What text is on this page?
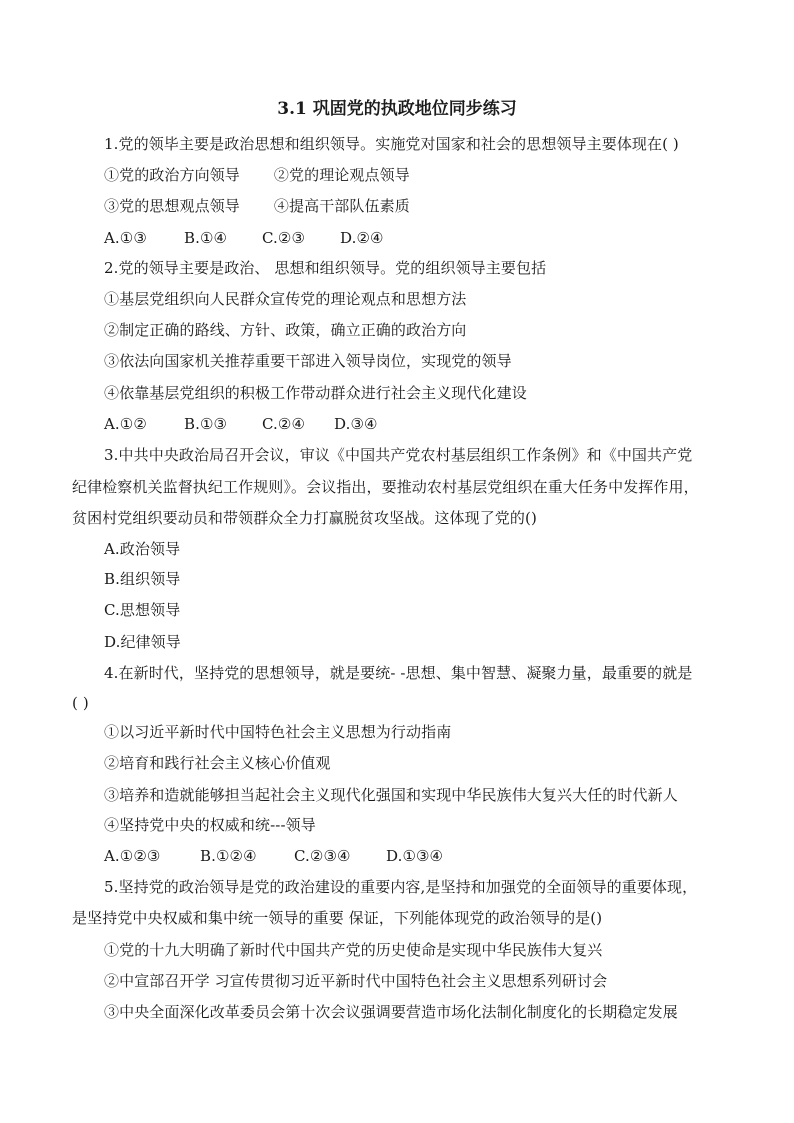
3.1 巩固党的执政地位同步练习
1.党的领毕主要是政治思想和组织领导。实施党对国家和社会的思想领导主要体现在( )
①党的政治方向领导 ②党的理论观点领导
③党的思想观点领导 ④提高干部队伍素质
A.①③ B.①④ C.②③ D.②④
2.党的领导主要是政治、 思想和组织领导。党的组织领导主要包括
①基层党组织向人民群众宣传党的理论观点和思想方法
②制定正确的路线、方针、政策，确立正确的政治方向
③依法向国家机关推荐重要干部进入领导岗位，实现党的领导
④依靠基层党组织的积极工作带动群众进行社会主义现代化建设
A.①② B.①③ C.②④ D.③④
3.中共中央政治局召开会议，审议《中国共产党农村基层组织工作条例》和《中国共产党
纪律检察机关监督执纪工作规则》。会议指出，要推动农村基层党组织在重大任务中发挥作用，
贫困村党组织要动员和带领群众全力打赢脱贫攻坚战。这体现了党的()
A.政治领导
B.组织领导
C.思想领导
D.纪律领导
4.在新时代，坚持党的思想领导，就是要统- -思想、集中智慧、凝聚力量，最重要的就是
( )
①以习近平新时代中国特色社会主义思想为行动指南
②培育和践行社会主义核心价值观
③培养和造就能够担当起社会主义现代化强国和实现中华民族伟大复兴大任的时代新人
④坚持党中央的权威和统---领导
A.①②③	B.①②④ C.②③④ D.①③④
5.坚持党的政治领导是党的政治建设的重要内容,是坚持和加强党的全面领导的重要体现，
是坚持党中央权威和集中统一领导的重要 保证，下列能体现党的政治领导的是()
①党的十九大明确了新时代中国共产党的历史使命是实现中华民族伟大复兴
②中宣部召开学 习宣传贯彻习近平新时代中国特色社会主义思想系列研讨会
③中央全面深化改革委员会第十次会议强调要营造市场化法制化制度化的长期稳定发展
